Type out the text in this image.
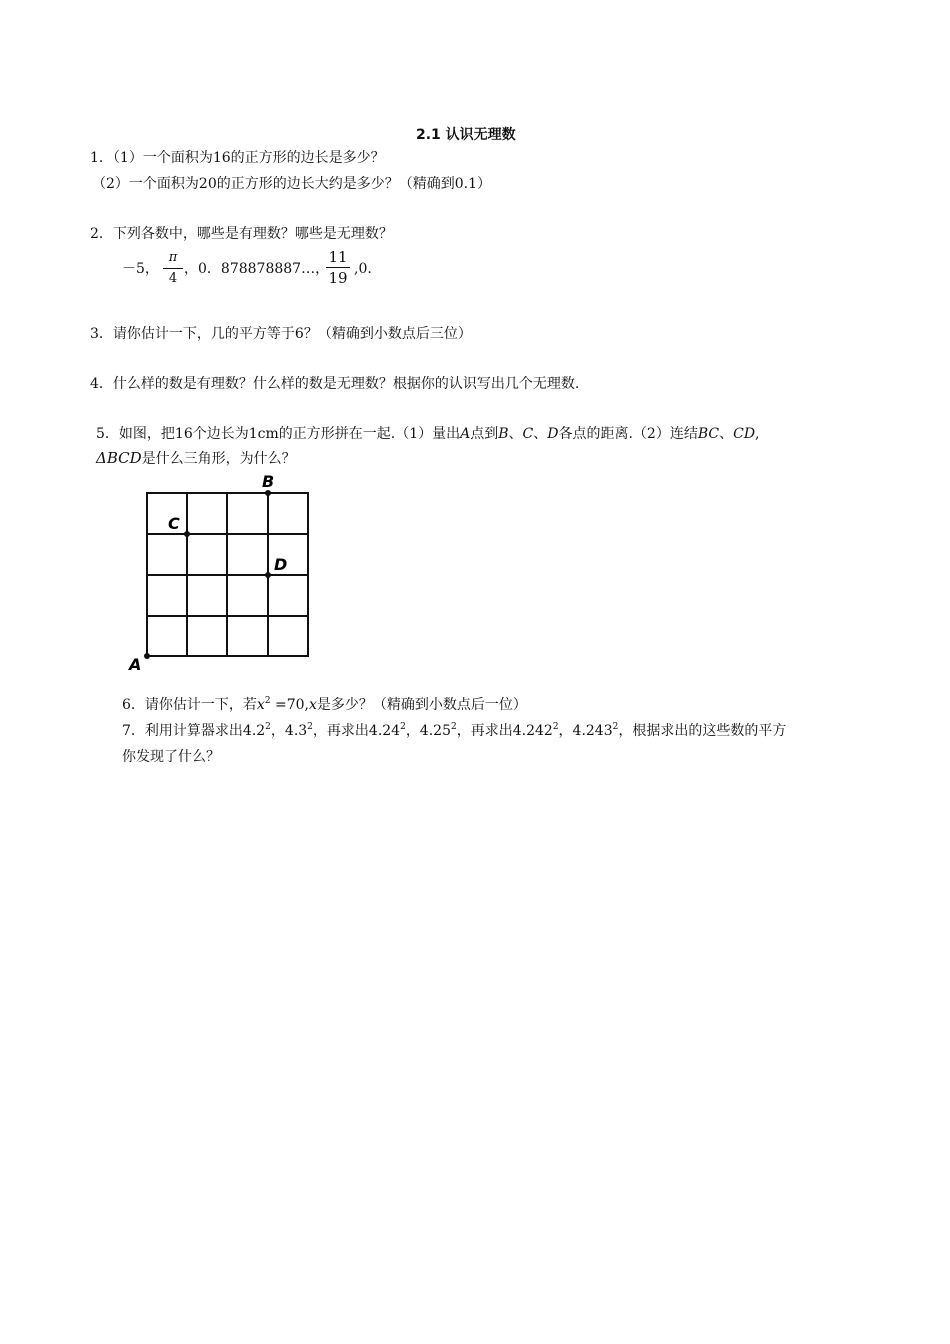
2.1 认识无理数
1．（1）一个面积为16的正方形的边长是多少？
（2）一个面积为20的正方形的边长大约是多少？（精确到0.1）
2．下列各数中，哪些是有理数？哪些是无理数？
－5，
π
4
，0．878878887…，
11
19 ,0.
3．请你估计一下，几的平方等于6？（精确到小数点后三位）
4．什么样的数是有理数？什么样的数是无理数？根据你的认识写出几个无理数.
5．如图，把16个边长为1cm的正方形拼在一起.（1）量出A点到B、C、D各点的距离.（2）连结BC、CD,
ΔBCD是什么三角形，为什么？
A
B
C
D
6．请你估计一下，若$x^2 =70,x$是多少？（精确到小数点后一位）
7．利用计算器求出$4.2^2$，$4.3^2$，再求出4.24$^2$，4.25$^2$，再求出4.242$^2$，4.243$^2$，根据求出的这些数的平方
你发现了什么？
